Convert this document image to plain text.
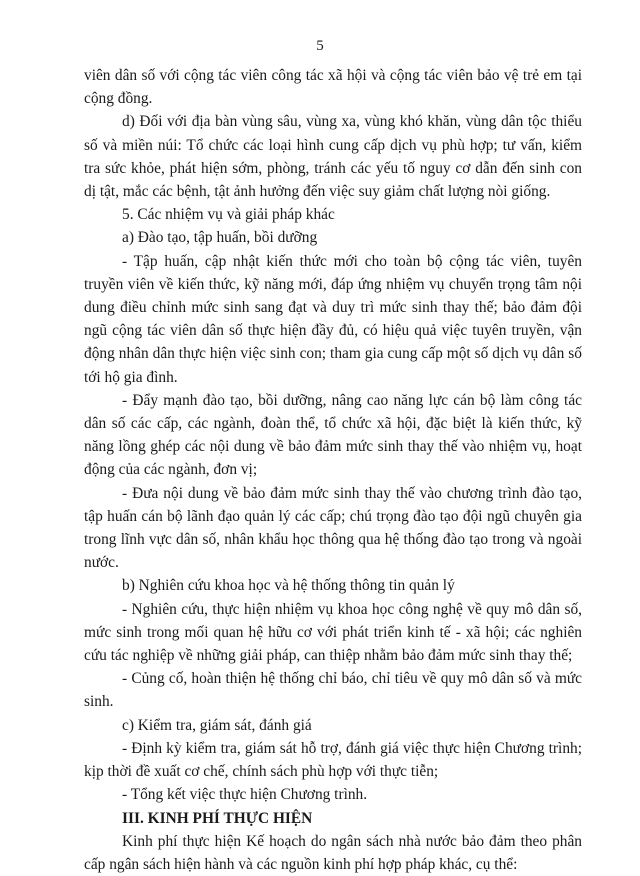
5

viên dân số với cộng tác viên công tác xã hội và cộng tác viên bảo vệ trẻ em tại cộng đồng.

d) Đối với địa bàn vùng sâu, vùng xa, vùng khó khăn, vùng dân tộc thiểu số và miền núi: Tổ chức các loại hình cung cấp dịch vụ phù hợp; tư vấn, kiểm tra sức khỏe, phát hiện sớm, phòng, tránh các yếu tố nguy cơ dẫn đến sinh con dị tật, mắc các bệnh, tật ảnh hưởng đến việc suy giảm chất lượng nòi giống.

5. Các nhiệm vụ và giải pháp khác

a) Đào tạo, tập huấn, bồi dưỡng

- Tập huấn, cập nhật kiến thức mới cho toàn bộ cộng tác viên, tuyên truyền viên về kiến thức, kỹ năng mới, đáp ứng nhiệm vụ chuyển trọng tâm nội dung điều chỉnh mức sinh sang đạt và duy trì mức sinh thay thế; bảo đảm đội ngũ cộng tác viên dân số thực hiện đầy đủ, có hiệu quả việc tuyên truyền, vận động nhân dân thực hiện việc sinh con; tham gia cung cấp một số dịch vụ dân số tới hộ gia đình.

- Đẩy mạnh đào tạo, bồi dưỡng, nâng cao năng lực cán bộ làm công tác dân số các cấp, các ngành, đoàn thể, tổ chức xã hội, đặc biệt là kiến thức, kỹ năng lồng ghép các nội dung về bảo đảm mức sinh thay thế vào nhiệm vụ, hoạt động của các ngành, đơn vị;

- Đưa nội dung về bảo đảm mức sinh thay thế vào chương trình đào tạo, tập huấn cán bộ lãnh đạo quản lý các cấp; chú trọng đào tạo đội ngũ chuyên gia trong lĩnh vực dân số, nhân khẩu học thông qua hệ thống đào tạo trong và ngoài nước.

b) Nghiên cứu khoa học và hệ thống thông tin quản lý

- Nghiên cứu, thực hiện nhiệm vụ khoa học công nghệ về quy mô dân số, mức sinh trong mối quan hệ hữu cơ với phát triển kinh tế - xã hội; các nghiên cứu tác nghiệp về những giải pháp, can thiệp nhằm bảo đảm mức sinh thay thế;

- Củng cố, hoàn thiện hệ thống chỉ báo, chỉ tiêu về quy mô dân số và mức sinh.

c) Kiểm tra, giám sát, đánh giá

- Định kỳ kiểm tra, giám sát hỗ trợ, đánh giá việc thực hiện Chương trình; kịp thời đề xuất cơ chế, chính sách phù hợp với thực tiễn;

- Tổng kết việc thực hiện Chương trình.

III. KINH PHÍ THỰC HIỆN

Kinh phí thực hiện Kế hoạch do ngân sách nhà nước bảo đảm theo phân cấp ngân sách hiện hành và các nguồn kinh phí hợp pháp khác, cụ thể:
